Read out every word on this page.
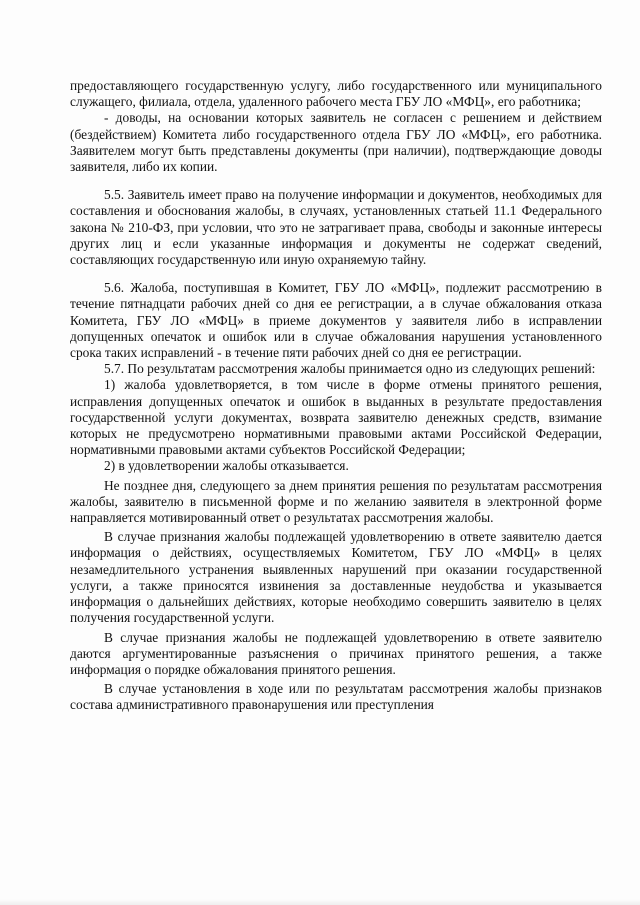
предоставляющего государственную услугу, либо государственного или муниципального служащего, филиала, отдела, удаленного рабочего места ГБУ ЛО «МФЦ», его работника;

- доводы, на основании которых заявитель не согласен с решением и действием (бездействием) Комитета либо государственного отдела ГБУ ЛО «МФЦ», его работника. Заявителем могут быть представлены документы (при наличии), подтверждающие доводы заявителя, либо их копии.

5.5. Заявитель имеет право на получение информации и документов, необходимых для составления и обоснования жалобы, в случаях, установленных статьей 11.1 Федерального закона № 210-ФЗ, при условии, что это не затрагивает права, свободы и законные интересы других лиц и если указанные информация и документы не содержат сведений, составляющих государственную или иную охраняемую тайну.

5.6. Жалоба, поступившая в Комитет, ГБУ ЛО «МФЦ», подлежит рассмотрению в течение пятнадцати рабочих дней со дня ее регистрации, а в случае обжалования отказа Комитета, ГБУ ЛО «МФЦ» в приеме документов у заявителя либо в исправлении допущенных опечаток и ошибок или в случае обжалования нарушения установленного срока таких исправлений - в течение пяти рабочих дней со дня ее регистрации.

5.7. По результатам рассмотрения жалобы принимается одно из следующих решений:

1) жалоба удовлетворяется, в том числе в форме отмены принятого решения, исправления допущенных опечаток и ошибок в выданных в результате предоставления государственной услуги документах, возврата заявителю денежных средств, взимание которых не предусмотрено нормативными правовыми актами Российской Федерации, нормативными правовыми актами субъектов Российской Федерации;

2) в удовлетворении жалобы отказывается.

Не позднее дня, следующего за днем принятия решения по результатам рассмотрения жалобы, заявителю в письменной форме и по желанию заявителя в электронной форме направляется мотивированный ответ о результатах рассмотрения жалобы.

В случае признания жалобы подлежащей удовлетворению в ответе заявителю дается информация о действиях, осуществляемых Комитетом, ГБУ ЛО «МФЦ» в целях незамедлительного устранения выявленных нарушений при оказании государственной услуги, а также приносятся извинения за доставленные неудобства и указывается информация о дальнейших действиях, которые необходимо совершить заявителю в целях получения государственной услуги.

В случае признания жалобы не подлежащей удовлетворению в ответе заявителю даются аргументированные разъяснения о причинах принятого решения, а также информация о порядке обжалования принятого решения.

В случае установления в ходе или по результатам рассмотрения жалобы признаков состава административного правонарушения или преступления
